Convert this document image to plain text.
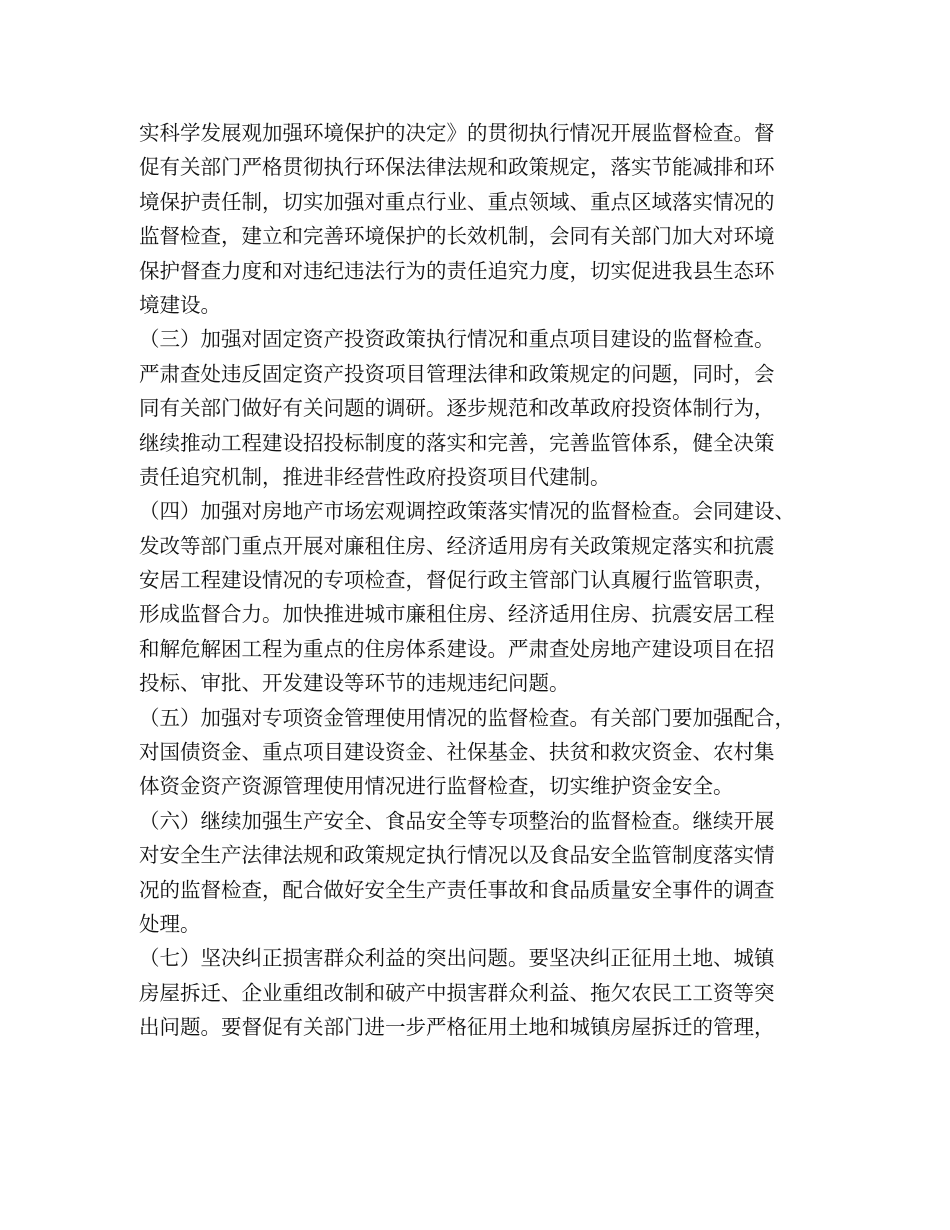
实科学发展观加强环境保护的决定》的贯彻执行情况开展监督检查。督
促有关部门严格贯彻执行环保法律法规和政策规定，落实节能减排和环
境保护责任制，切实加强对重点行业、重点领域、重点区域落实情况的
监督检查，建立和完善环境保护的长效机制，会同有关部门加大对环境
保护督查力度和对违纪违法行为的责任追究力度，切实促进我县生态环
境建设。
（三）加强对固定资产投资政策执行情况和重点项目建设的监督检查。
严肃查处违反固定资产投资项目管理法律和政策规定的问题，同时，会
同有关部门做好有关问题的调研。逐步规范和改革政府投资体制行为，
继续推动工程建设招投标制度的落实和完善，完善监管体系，健全决策
责任追究机制，推进非经营性政府投资项目代建制。
（四）加强对房地产市场宏观调控政策落实情况的监督检查。会同建设、
发改等部门重点开展对廉租住房、经济适用房有关政策规定落实和抗震
安居工程建设情况的专项检查，督促行政主管部门认真履行监管职责，
形成监督合力。加快推进城市廉租住房、经济适用住房、抗震安居工程
和解危解困工程为重点的住房体系建设。严肃查处房地产建设项目在招
投标、审批、开发建设等环节的违规违纪问题。
（五）加强对专项资金管理使用情况的监督检查。有关部门要加强配合，
对国债资金、重点项目建设资金、社保基金、扶贫和救灾资金、农村集
体资金资产资源管理使用情况进行监督检查，切实维护资金安全。
（六）继续加强生产安全、食品安全等专项整治的监督检查。继续开展
对安全生产法律法规和政策规定执行情况以及食品安全监管制度落实情
况的监督检查，配合做好安全生产责任事故和食品质量安全事件的调查
处理。
（七）坚决纠正损害群众利益的突出问题。要坚决纠正征用土地、城镇
房屋拆迁、企业重组改制和破产中损害群众利益、拖欠农民工工资等突
出问题。要督促有关部门进一步严格征用土地和城镇房屋拆迁的管理，
